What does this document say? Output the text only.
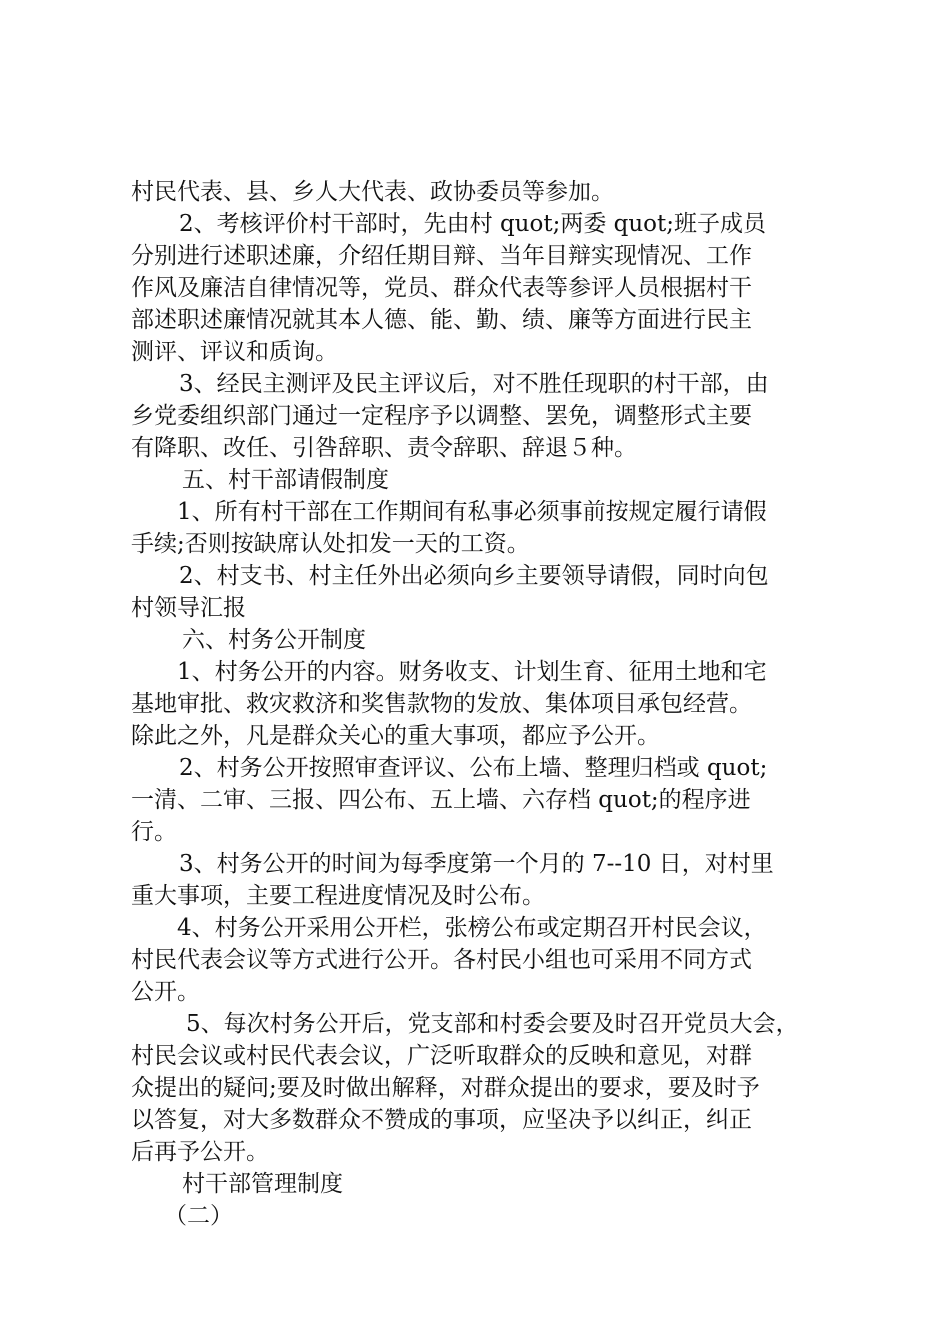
村民代表、县、乡人大代表、政协委员等参加。
2、考核评价村干部时，先由村 quot;两委 quot;班子成员
分别进行述职述廉，介绍任期目辩、当年目辩实现情况、工作
作风及廉洁自律情况等，党员、群众代表等参评人员根据村干
部述职述廉情况就其本人德、能、勤、绩、廉等方面进行民主
测评、评议和质询。
3、经民主测评及民主评议后，对不胜任现职的村干部，由
乡党委组织部门通过一定程序予以调整、罢免，调整形式主要
有降职、改任、引咎辞职、责令辞职、辞退５种。
五、村干部请假制度
1、所有村干部在工作期间有私事必须事前按规定履行请假
手续;否则按缺席认处扣发一天的工资。
2、村支书、村主任外出必须向乡主要领导请假，同时向包
村领导汇报
六、村务公开制度
1、村务公开的内容。财务收支、计划生育、征用土地和宅
基地审批、救灾救济和奖售款物的发放、集体项目承包经营。
除此之外，凡是群众关心的重大事项，都应予公开。
2、村务公开按照审查评议、公布上墙、整理归档或 quot;
一清、二审、三报、四公布、五上墙、六存档 quot;的程序进
行。
3、村务公开的时间为每季度第一个月的 7--10 日，对村里
重大事项，主要工程进度情况及时公布。
4、村务公开采用公开栏，张榜公布或定期召开村民会议，
村民代表会议等方式进行公开。各村民小组也可采用不同方式
公开。
5、每次村务公开后，党支部和村委会要及时召开党员大会，
村民会议或村民代表会议，广泛听取群众的反映和意见，对群
众提出的疑问;要及时做出解释，对群众提出的要求，要及时予
以答复，对大多数群众不赞成的事项，应坚决予以纠正，纠正
后再予公开。
村干部管理制度
（二）
